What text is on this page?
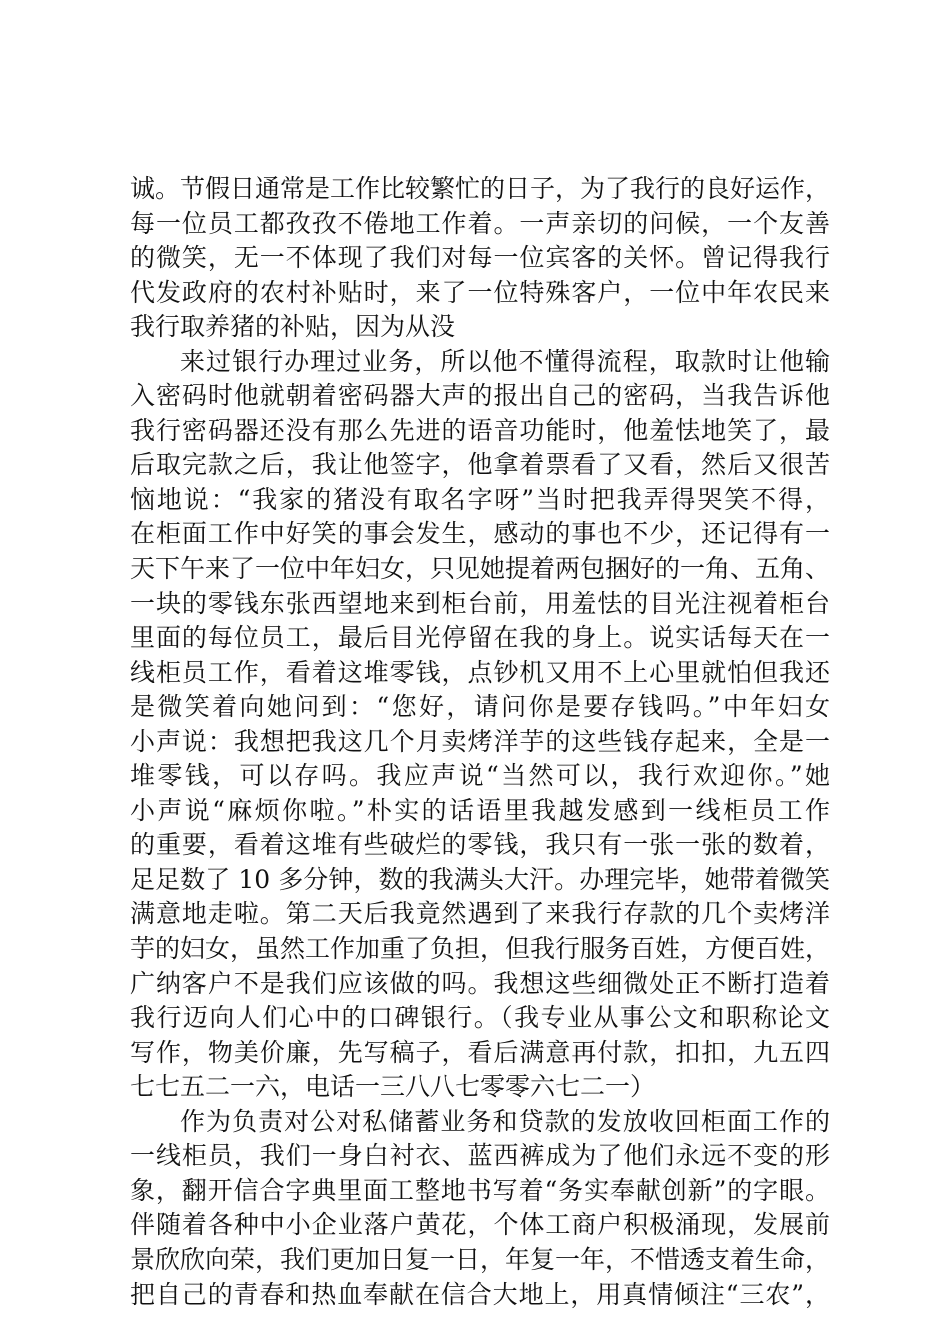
诚。节假日通常是工作比较繁忙的日子，为了我行的良好运作，
每一位员工都孜孜不倦地工作着。一声亲切的问候，一个友善
的微笑，无一不体现了我们对每一位宾客的关怀。曾记得我行
代发政府的农村补贴时，来了一位特殊客户，一位中年农民来
我行取养猪的补贴，因为从没
来过银行办理过业务，所以他不懂得流程，取款时让他输
入密码时他就朝着密码器大声的报出自己的密码，当我告诉他
我行密码器还没有那么先进的语音功能时，他羞怯地笑了，最
后取完款之后，我让他签字，他拿着票看了又看，然后又很苦
恼地说：“我家的猪没有取名字呀”当时把我弄得哭笑不得，
在柜面工作中好笑的事会发生，感动的事也不少，还记得有一
天下午来了一位中年妇女，只见她提着两包捆好的一角、五角、
一块的零钱东张西望地来到柜台前，用羞怯的目光注视着柜台
里面的每位员工，最后目光停留在我的身上。说实话每天在一
线柜员工作，看着这堆零钱，点钞机又用不上心里就怕但我还
是微笑着向她问到：“您好，请问你是要存钱吗。”中年妇女
小声说：我想把我这几个月卖烤洋芋的这些钱存起来，全是一
堆零钱，可以存吗。我应声说“当然可以，我行欢迎你。”她
小声说“麻烦你啦。”朴实的话语里我越发感到一线柜员工作
的重要，看着这堆有些破烂的零钱，我只有一张一张的数着，
足足数了 10 多分钟，数的我满头大汗。办理完毕，她带着微笑
满意地走啦。第二天后我竟然遇到了来我行存款的几个卖烤洋
芋的妇女，虽然工作加重了负担，但我行服务百姓，方便百姓，
广纳客户不是我们应该做的吗。我想这些细微处正不断打造着
我行迈向人们心中的口碑银行。（我专业从事公文和职称论文
写作，物美价廉，先写稿子，看后满意再付款，扣扣，九五四
七七五二一六，电话一三八八七零零六七二一）
作为负责对公对私储蓄业务和贷款的发放收回柜面工作的
一线柜员，我们一身白衬衣、蓝西裤成为了他们永远不变的形
象，翻开信合字典里面工整地书写着“务实奉献创新”的字眼。
伴随着各种中小企业落户黄花，个体工商户积极涌现，发展前
景欣欣向荣，我们更加日复一日，年复一年，不惜透支着生命，
把自己的青春和热血奉献在信合大地上，用真情倾注“三农”，
